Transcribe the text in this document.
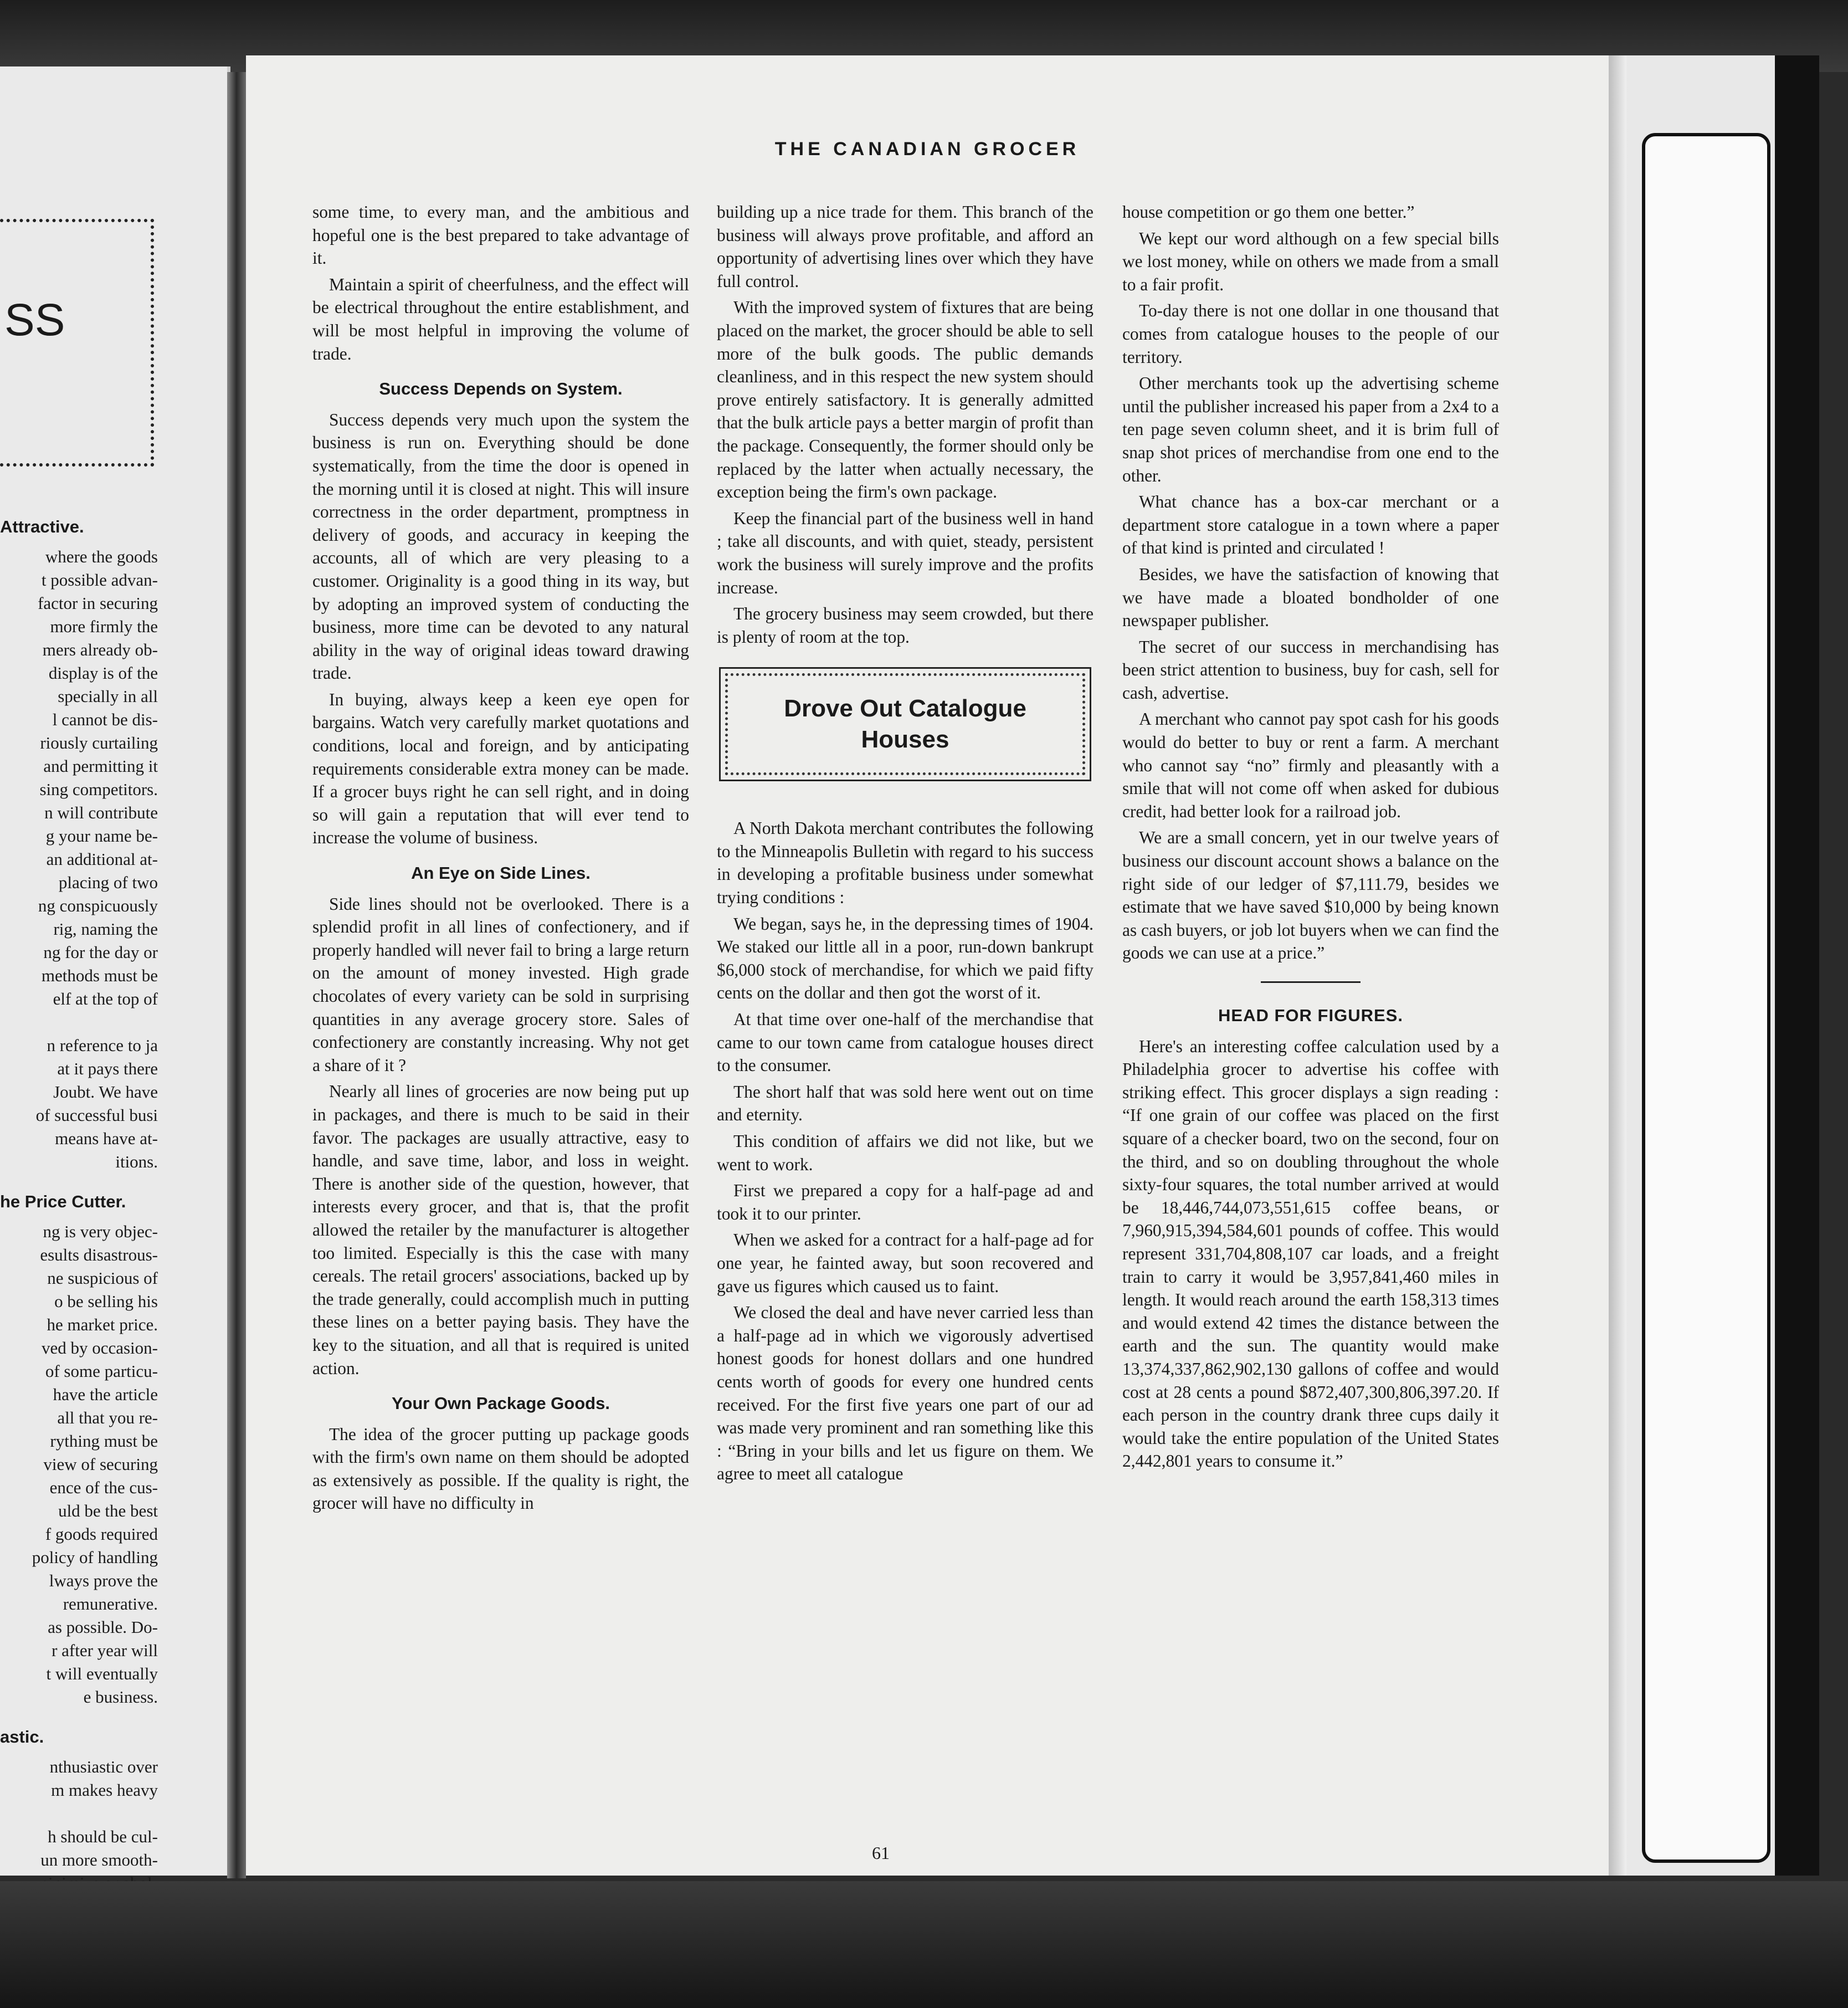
SS
Attractive.
where the goods
t possible advan-
factor in securing
more firmly the
mers already ob-
display is of the
specially in all
l cannot be dis-
riously curtailing
and permitting it
sing competitors.
n will contribute
g your name be-
an additional at-
placing of two
ng conspicuously
rig, naming the
ng for the day or
methods must be
elf at the top of

n reference to ja
at it pays there
Joubt. We have
of successful busi
means have at-
itions.
he Price Cutter.
ng is very objec-
esults disastrous-
ne suspicious of
o be selling his
he market price.
ved by occasion-
of some particu-
have the article
all that you re-
rything must be
view of securing
ence of the cus-
uld be the best
f goods required
policy of handling
lways prove the
remunerative.
as possible. Do-
r after year will
t will eventually
e business.
astic.
nthusiastic over
m makes heavy

h should be cul-
un more smooth-

THE CANADIAN GROCER

some time, to every man, and the ambitious and hopeful one is the best prepared to take advantage of it.

Maintain a spirit of cheerfulness, and the effect will be electrical throughout the entire establishment, and will be most helpful in improving the volume of trade.

Success Depends on System.

Success depends very much upon the system the business is run on. Everything should be done systematically, from the time the door is opened in the morning until it is closed at night. This will insure correctness in the order department, promptness in delivery of goods, and accuracy in keeping the accounts, all of which are very pleasing to a customer. Originality is a good thing in its way, but by adopting an improved system of conducting the business, more time can be devoted to any natural ability in the way of original ideas toward drawing trade.

In buying, always keep a keen eye open for bargains. Watch very carefully market quotations and conditions, local and foreign, and by anticipating requirements considerable extra money can be made. If a grocer buys right he can sell right, and in doing so will gain a reputation that will ever tend to increase the volume of business.

An Eye on Side Lines.

Side lines should not be overlooked. There is a splendid profit in all lines of confectionery, and if properly handled will never fail to bring a large return on the amount of money invested. High grade chocolates of every variety can be sold in surprising quantities in any average grocery store. Sales of confectionery are constantly increasing. Why not get a share of it ?

Nearly all lines of groceries are now being put up in packages, and there is much to be said in their favor. The packages are usually attractive, easy to handle, and save time, labor, and loss in weight. There is another side of the question, however, that interests every grocer, and that is, that the profit allowed the retailer by the manufacturer is altogether too limited. Especially is this the case with many cereals. The retail grocers' associations, backed up by the trade generally, could accomplish much in putting these lines on a better paying basis. They have the key to the situation, and all that is required is united action.

Your Own Package Goods.

The idea of the grocer putting up package goods with the firm's own name on them should be adopted as extensively as possible. If the quality is right, the grocer will have no difficulty in

building up a nice trade for them. This branch of the business will always prove profitable, and afford an opportunity of advertising lines over which they have full control.

With the improved system of fixtures that are being placed on the market, the grocer should be able to sell more of the bulk goods. The public demands cleanliness, and in this respect the new system should prove entirely satisfactory. It is generally admitted that the bulk article pays a better margin of profit than the package. Consequently, the former should only be replaced by the latter when actually necessary, the exception being the firm's own package.

Keep the financial part of the business well in hand ; take all discounts, and with quiet, steady, persistent work the business will surely improve and the profits increase.

The grocery business may seem crowded, but there is plenty of room at the top.

Drove Out Catalogue
Houses

A North Dakota merchant contributes the following to the Minneapolis Bulletin with regard to his success in developing a profitable business under somewhat trying conditions :

We began, says he, in the depressing times of 1904. We staked our little all in a poor, run-down bankrupt $6,000 stock of merchandise, for which we paid fifty cents on the dollar and then got the worst of it.

At that time over one-half of the merchandise that came to our town came from catalogue houses direct to the consumer.

The short half that was sold here went out on time and eternity.

This condition of affairs we did not like, but we went to work.

First we prepared a copy for a half-page ad and took it to our printer.

When we asked for a contract for a half-page ad for one year, he fainted away, but soon recovered and gave us figures which caused us to faint.

We closed the deal and have never carried less than a half-page ad in which we vigorously advertised honest goods for honest dollars and one hundred cents worth of goods for every one hundred cents received. For the first five years one part of our ad was made very prominent and ran something like this : “Bring in your bills and let us figure on them. We agree to meet all catalogue

house competition or go them one better.”

We kept our word although on a few special bills we lost money, while on others we made from a small to a fair profit.

To-day there is not one dollar in one thousand that comes from catalogue houses to the people of our territory.

Other merchants took up the advertising scheme until the publisher increased his paper from a 2x4 to a ten page seven column sheet, and it is brim full of snap shot prices of merchandise from one end to the other.

What chance has a box-car merchant or a department store catalogue in a town where a paper of that kind is printed and circulated !

Besides, we have the satisfaction of knowing that we have made a bloated bondholder of one newspaper publisher.

The secret of our success in merchandising has been strict attention to business, buy for cash, sell for cash, advertise.

A merchant who cannot pay spot cash for his goods would do better to buy or rent a farm. A merchant who cannot say “no” firmly and pleasantly with a smile that will not come off when asked for dubious credit, had better look for a railroad job.

We are a small concern, yet in our twelve years of business our discount account shows a balance on the right side of our ledger of $7,111.79, besides we estimate that we have saved $10,000 by being known as cash buyers, or job lot buyers when we can find the goods we can use at a price.”

HEAD FOR FIGURES.

Here's an interesting coffee calculation used by a Philadelphia grocer to advertise his coffee with striking effect. This grocer displays a sign reading : “If one grain of our coffee was placed on the first square of a checker board, two on the second, four on the third, and so on doubling throughout the whole sixty-four squares, the total number arrived at would be 18,446,744,073,551,615 coffee beans, or 7,960,915,394,584,601 pounds of coffee. This would represent 331,704,808,107 car loads, and a freight train to carry it would be 3,957,841,460 miles in length. It would reach around the earth 158,313 times and would extend 42 times the distance between the earth and the sun. The quantity would make 13,374,337,862,902,130 gallons of coffee and would cost at 28 cents a pound $872,407,300,806,397.20. If each person in the country drank three cups daily it would take the entire population of the United States 2,442,801 years to consume it.”

61
